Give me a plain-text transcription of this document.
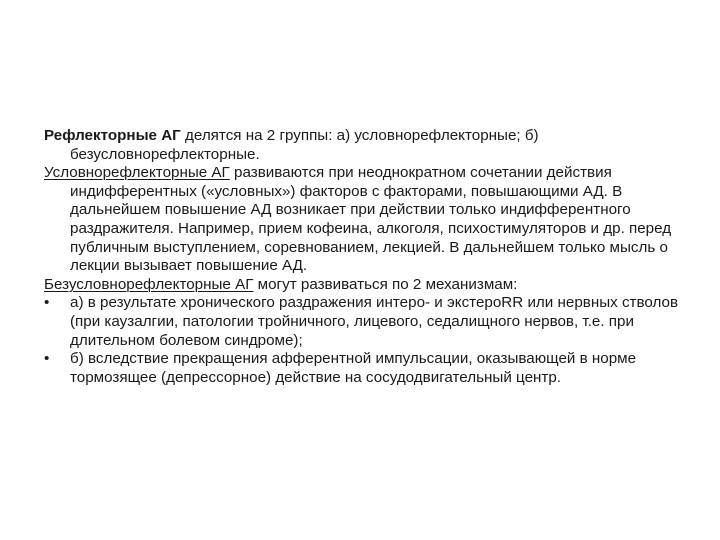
Рефлекторные АГ делятся на 2 группы: а) условнорефлекторные; б) безусловнорефлекторные.

Условнорефлекторные АГ развиваются при неоднократном сочетании действия индифферентных («условных») факторов с факторами, повышающими АД. В дальнейшем повышение АД возникает при действии только индифферентного раздражителя. Например, прием кофеина, алкоголя, психостимуляторов и др. перед публичным выступлением, соревнованием, лекцией. В дальнейшем только мысль о лекции вызывает повышение АД.

Безусловнорефлекторные АГ могут развиваться по 2 механизмам:

•	а) в результате хронического раздражения интеро- и экстероRR или нервных стволов (при каузалгии, патологии тройничного, лицевого, седалищного нервов, т.е. при длительном болевом синдроме);
•	б) вследствие прекращения афферентной импульсации, оказывающей в норме тормозящее (депрессорное) действие на сосудодвигательный центр.
